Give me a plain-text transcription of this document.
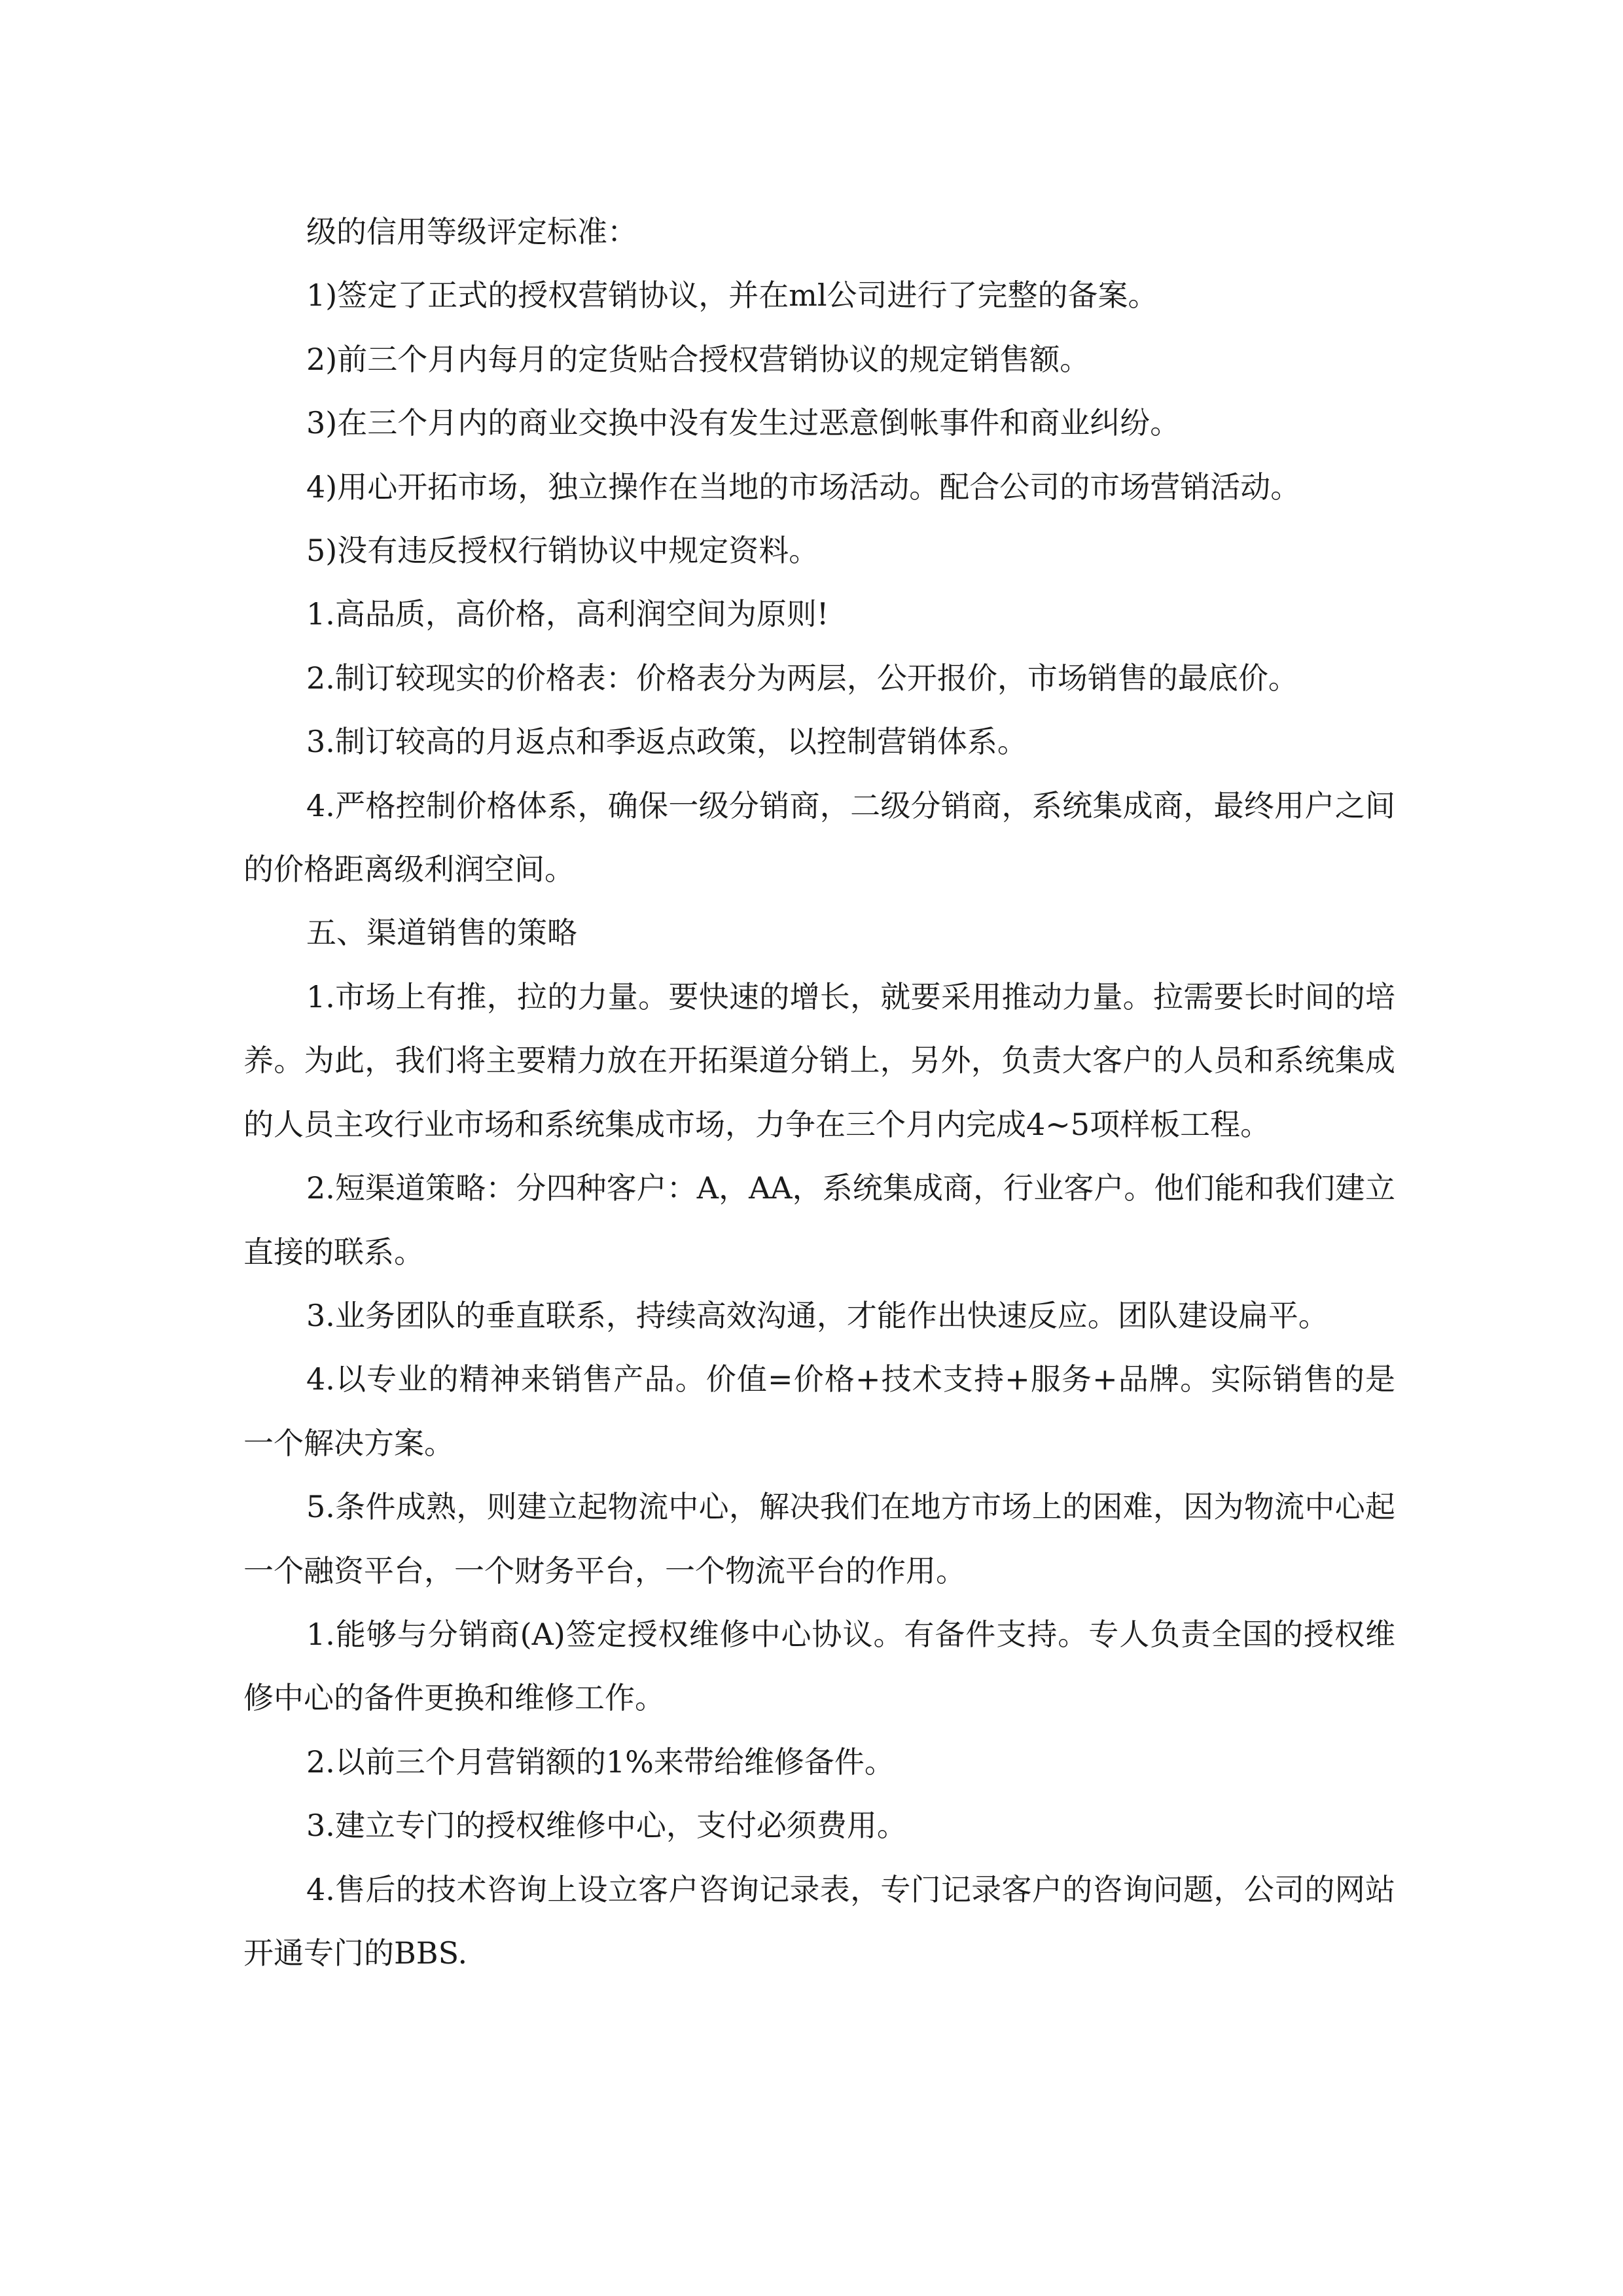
级的信用等级评定标准：

1)签定了正式的授权营销协议，并在ml公司进行了完整的备案。

2)前三个月内每月的定货贴合授权营销协议的规定销售额。

3)在三个月内的商业交换中没有发生过恶意倒帐事件和商业纠纷。

4)用心开拓市场，独立操作在当地的市场活动。配合公司的市场营销活动。

5)没有违反授权行销协议中规定资料。

1.高品质，高价格，高利润空间为原则!

2.制订较现实的价格表：价格表分为两层，公开报价，市场销售的最底价。

3.制订较高的月返点和季返点政策，以控制营销体系。

4.严格控制价格体系，确保一级分销商，二级分销商，系统集成商，最终用户之间的价格距离级利润空间。

五、渠道销售的策略

1.市场上有推，拉的力量。要快速的增长，就要采用推动力量。拉需要长时间的培养。为此，我们将主要精力放在开拓渠道分销上，另外，负责大客户的人员和系统集成的人员主攻行业市场和系统集成市场，力争在三个月内完成4~5项样板工程。

2.短渠道策略：分四种客户：A，AA，系统集成商，行业客户。他们能和我们建立直接的联系。

3.业务团队的垂直联系，持续高效沟通，才能作出快速反应。团队建设扁平。

4.以专业的精神来销售产品。价值=价格+技术支持+服务+品牌。实际销售的是一个解决方案。

5.条件成熟，则建立起物流中心，解决我们在地方市场上的困难，因为物流中心起一个融资平台，一个财务平台，一个物流平台的作用。

1.能够与分销商(A)签定授权维修中心协议。有备件支持。专人负责全国的授权维修中心的备件更换和维修工作。

2.以前三个月营销额的1%来带给维修备件。

3.建立专门的授权维修中心，支付必须费用。

4.售后的技术咨询上设立客户咨询记录表，专门记录客户的咨询问题，公司的网站开通专门的BBS.
